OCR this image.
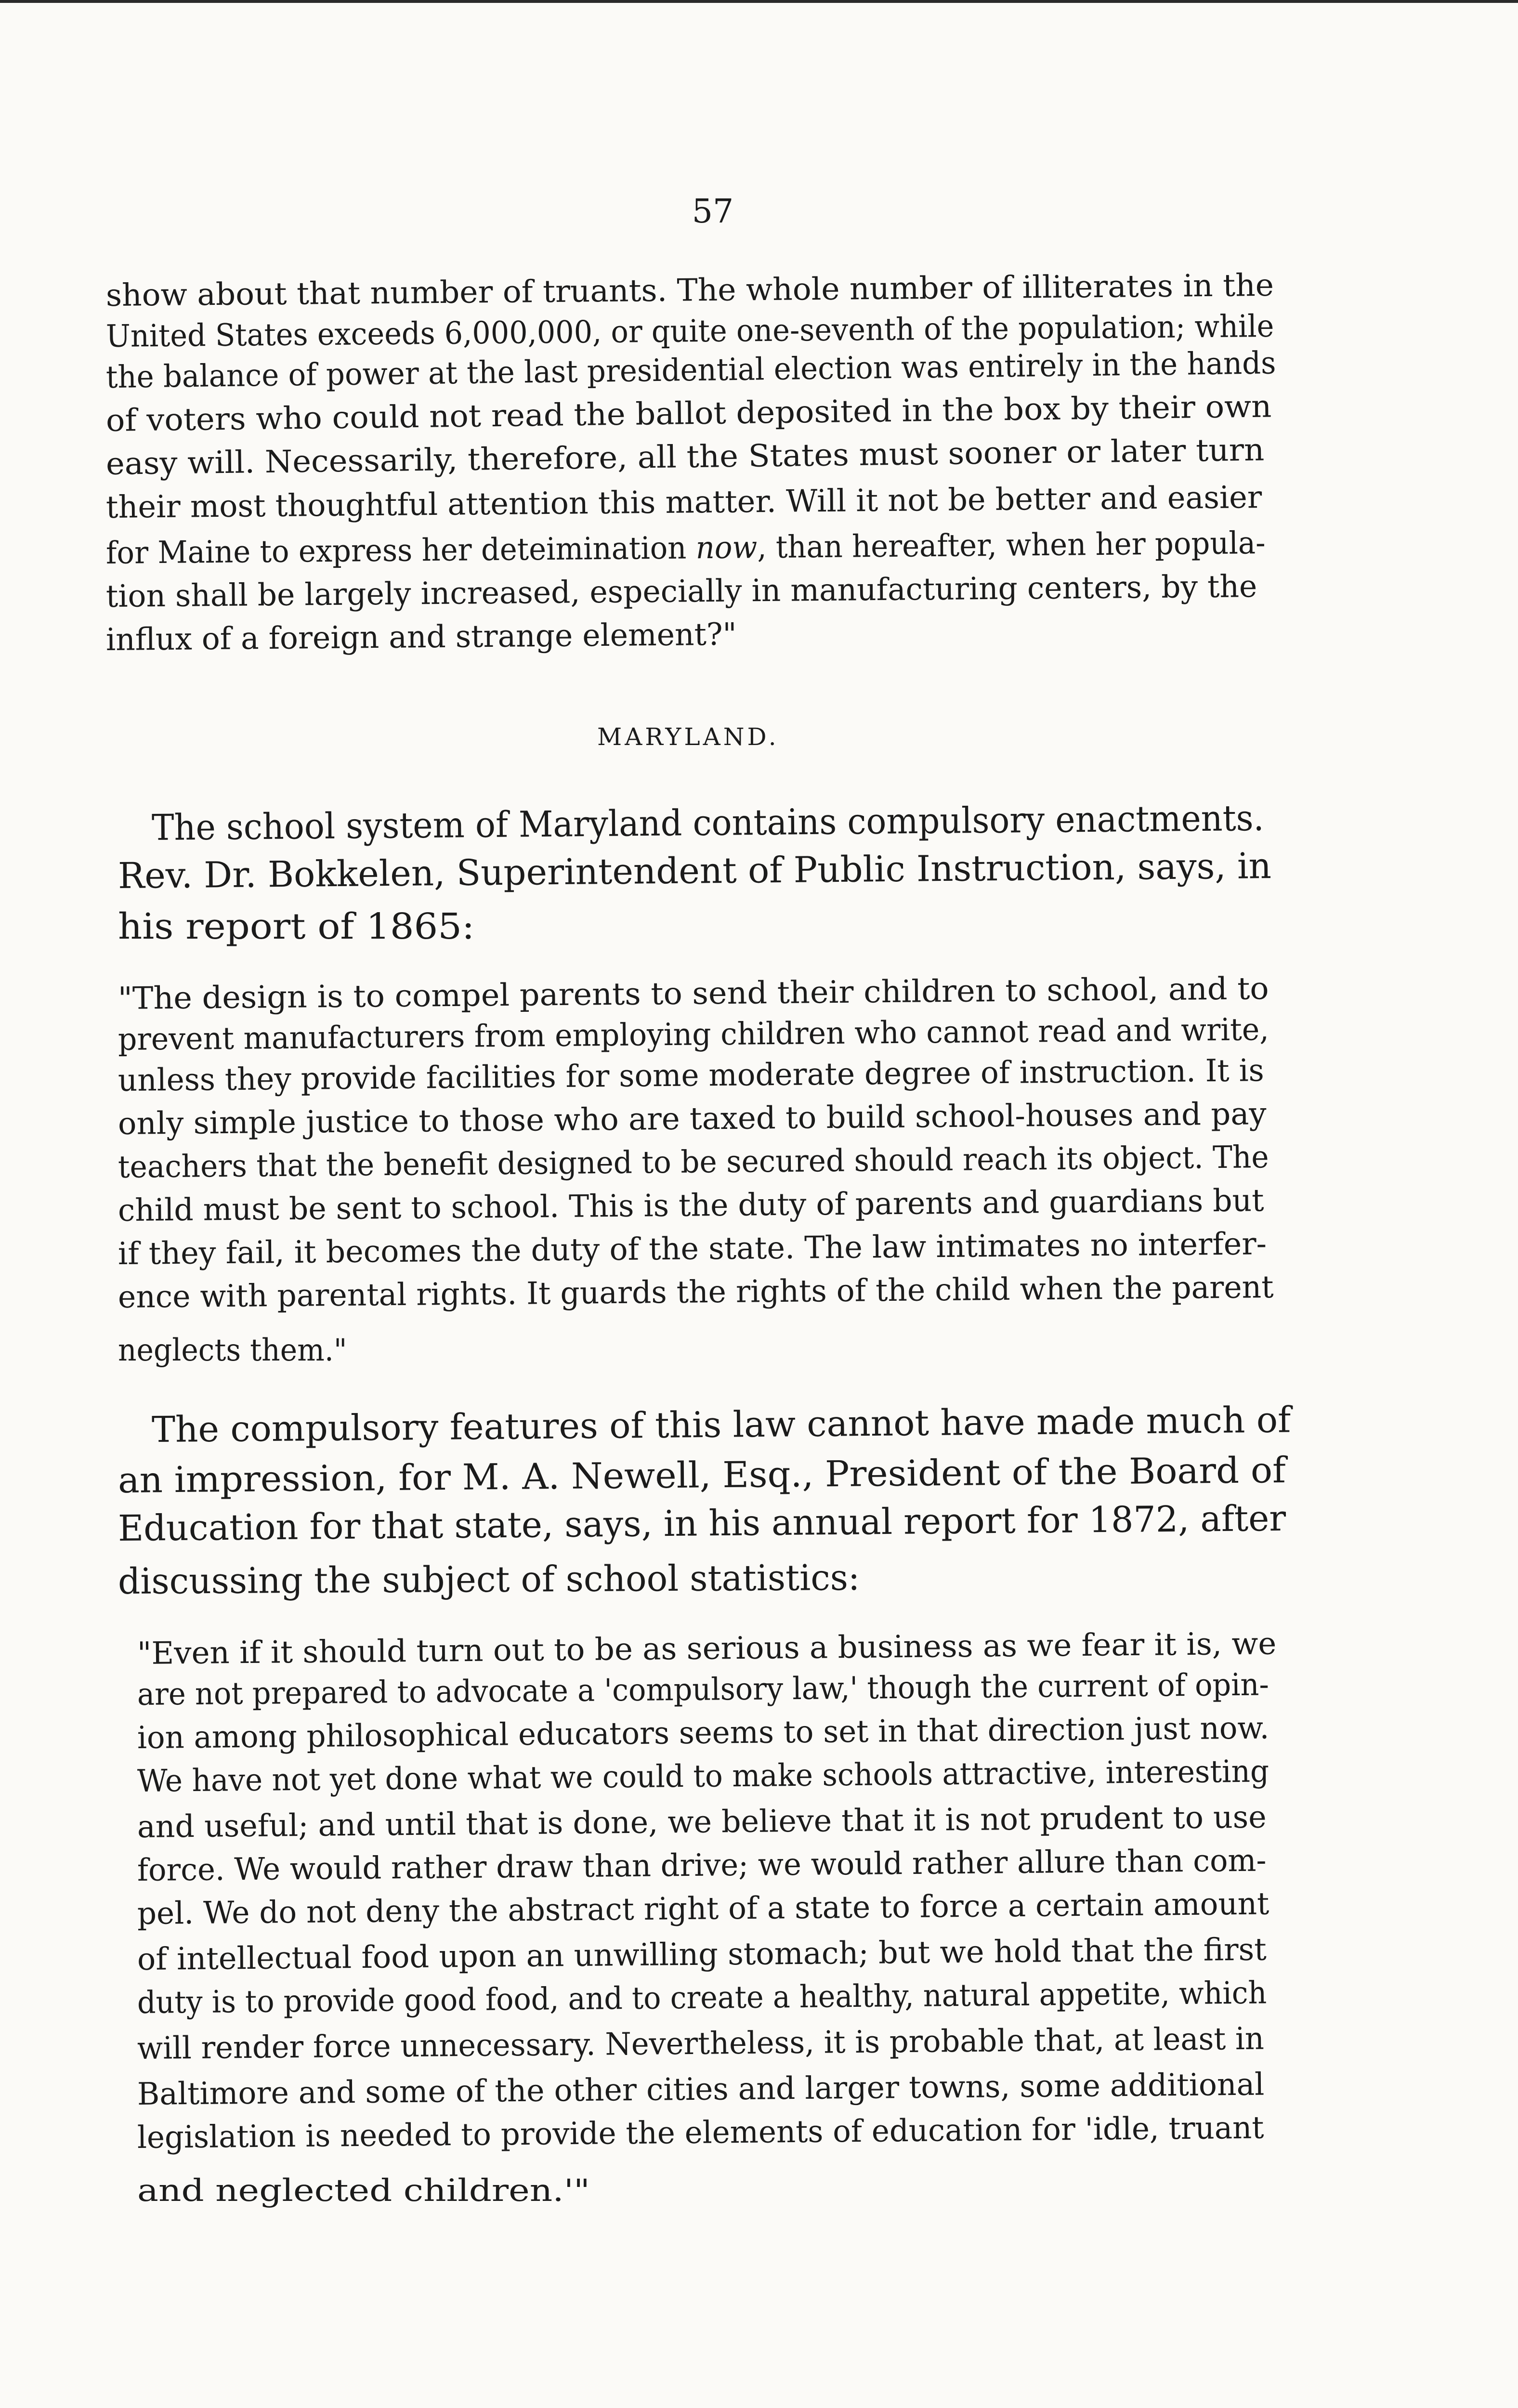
57
show about that number of truants. The whole number of illiterates in the
United States exceeds 6,000,000, or quite one-seventh of the population; while
the balance of power at the last presidential election was entirely in the hands
of voters who could not read the ballot deposited in the box by their own
easy will. Necessarily, therefore, all the States must sooner or later turn
their most thoughtful attention this matter. Will it not be better and easier
for Maine to express her deteimination now, than hereafter, when her popula-
tion shall be largely increased, especially in manufacturing centers, by the
influx of a foreign and strange element?"
MARYLAND.
The school system of Maryland contains compulsory enactments.
Rev. Dr. Bokkelen, Superintendent of Public Instruction, says, in
his report of 1865:
"The design is to compel parents to send their children to school, and to
prevent manufacturers from employing children who cannot read and write,
unless they provide facilities for some moderate degree of instruction. It is
only simple justice to those who are taxed to build school-houses and pay
teachers that the benefit designed to be secured should reach its object. The
child must be sent to school. This is the duty of parents and guardians but
if they fail, it becomes the duty of the state. The law intimates no interfer-
ence with parental rights. It guards the rights of the child when the parent
neglects them."
The compulsory features of this law cannot have made much of
an impression, for M. A. Newell, Esq., President of the Board of
Education for that state, says, in his annual report for 1872, after
discussing the subject of school statistics:
"Even if it should turn out to be as serious a business as we fear it is, we
are not prepared to advocate a 'compulsory law,' though the current of opin-
ion among philosophical educators seems to set in that direction just now.
We have not yet done what we could to make schools attractive, interesting
and useful; and until that is done, we believe that it is not prudent to use
force. We would rather draw than drive; we would rather allure than com-
pel. We do not deny the abstract right of a state to force a certain amount
of intellectual food upon an unwilling stomach; but we hold that the first
duty is to provide good food, and to create a healthy, natural appetite, which
will render force unnecessary. Nevertheless, it is probable that, at least in
Baltimore and some of the other cities and larger towns, some additional
legislation is needed to provide the elements of education for 'idle, truant
and neglected children.'"
